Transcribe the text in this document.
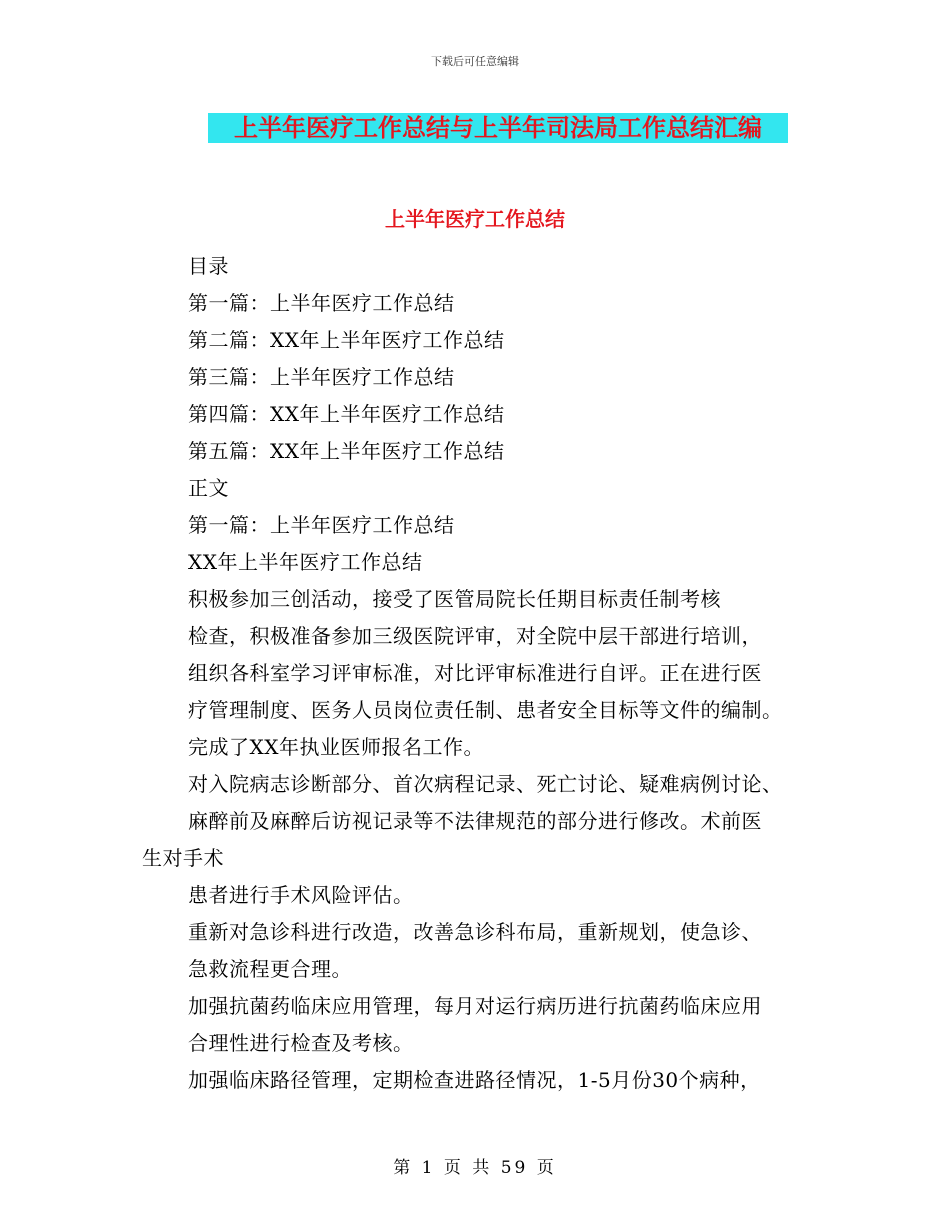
下载后可任意编辑
上半年医疗工作总结与上半年司法局工作总结汇编
上半年医疗工作总结
目录
第一篇：上半年医疗工作总结
第二篇：XX年上半年医疗工作总结
第三篇：上半年医疗工作总结
第四篇：XX年上半年医疗工作总结
第五篇：XX年上半年医疗工作总结
正文
第一篇：上半年医疗工作总结
XX年上半年医疗工作总结
积极参加三创活动，接受了医管局院长任期目标责任制考核
检查，积极准备参加三级医院评审，对全院中层干部进行培训，
组织各科室学习评审标准，对比评审标准进行自评。正在进行医
疗管理制度、医务人员岗位责任制、患者安全目标等文件的编制。
完成了XX年执业医师报名工作。
对入院病志诊断部分、首次病程记录、死亡讨论、疑难病例讨论、
麻醉前及麻醉后访视记录等不法律规范的部分进行修改。术前医
生对手术
患者进行手术风险评估。
重新对急诊科进行改造，改善急诊科布局，重新规划，使急诊、
急救流程更合理。
加强抗菌药临床应用管理，每月对运行病历进行抗菌药临床应用
合理性进行检查及考核。
加强临床路径管理，定期检查进路径情况，1-5月份30个病种，
第 1 页 共 59 页
